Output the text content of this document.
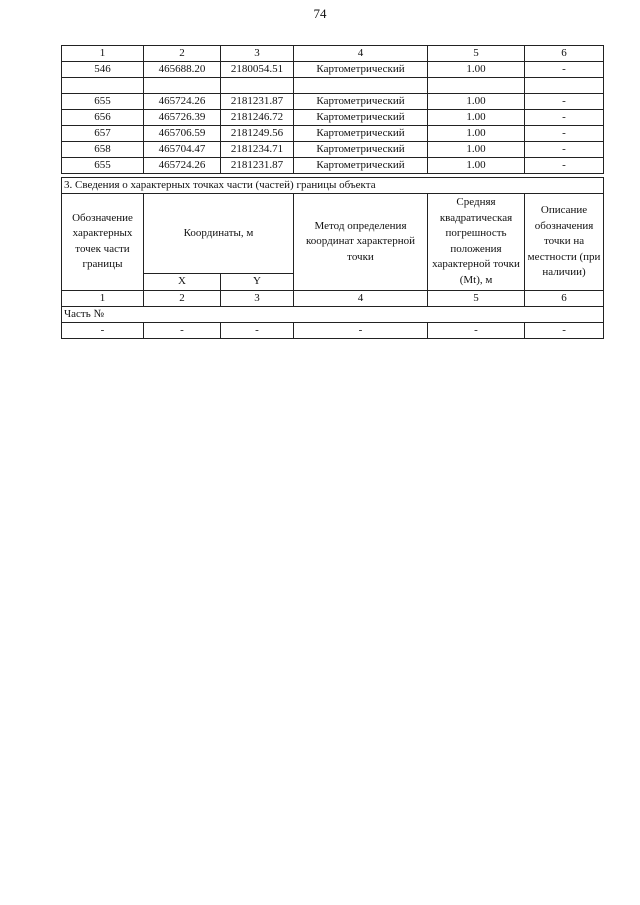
74
1	2	3	4	5	6
546	465688.20	2180054.51	Картометрический	1.00	-

655	465724.26	2181231.87	Картометрический	1.00	-
656	465726.39	2181246.72	Картометрический	1.00	-
657	465706.59	2181249.56	Картометрический	1.00	-
658	465704.47	2181234.71	Картометрический	1.00	-
655	465724.26	2181231.87	Картометрический	1.00	-
3. Сведения о характерных точках части (частей) границы объекта					
Обозначение характерных точек части границы	Координаты, м		Метод определения координат характерной точки	Средняя квадратическая погрешность положения характерной точки (Mt), м	Описание обозначения точки на местности (при наличии)
	X	Y			
1	2	3	4	5	6
Часть №					
-	-	-	-	-	-
